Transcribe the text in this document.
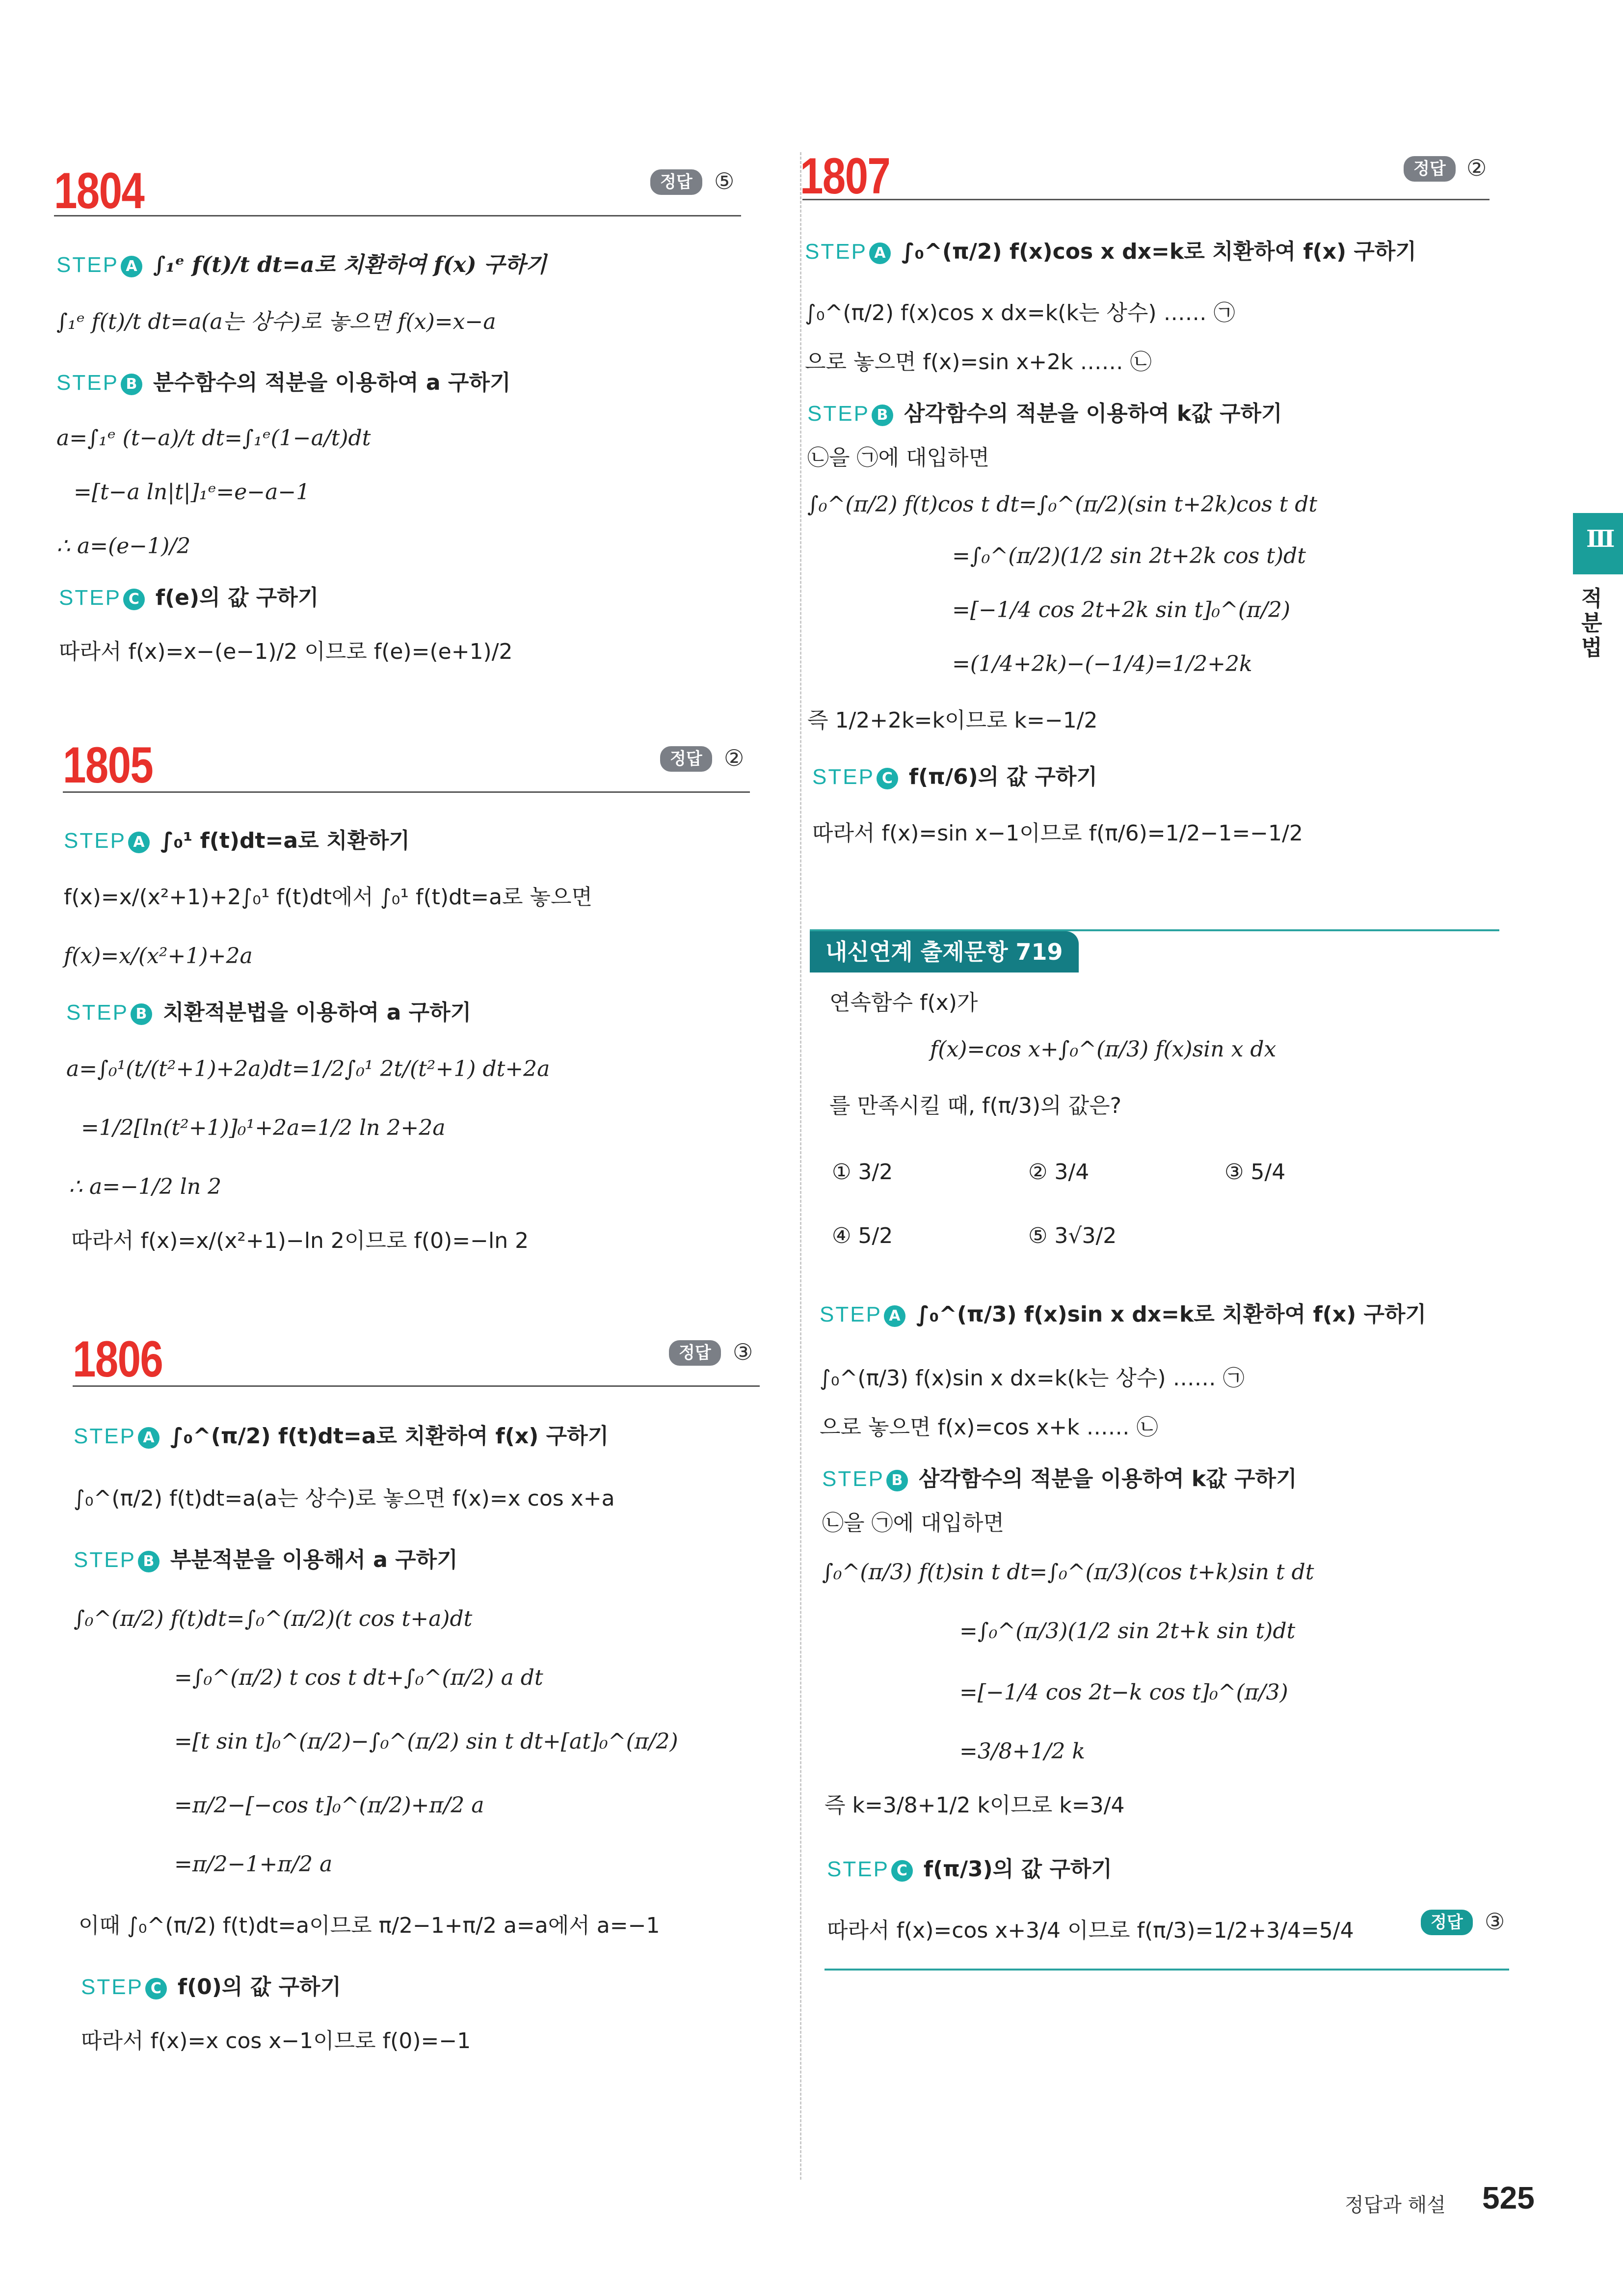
Ⅲ
적분법
1804	정답 ⑤
STEP A ∫₁ᵉ f(t)/t dt=a로 치환하여 f(x) 구하기
∫₁ᵉ f(t)/t dt=a(a는 상수)로 놓으면 f(x)=x−a
STEP B 분수함수의 적분을 이용하여 a 구하기
a=∫₁ᵉ (t−a)/t dt=∫₁ᵉ(1−a/t)dt
=[t−a ln|t|]₁ᵉ=e−a−1
∴ a=(e−1)/2
STEP C f(e)의 값 구하기
따라서 f(x)=x−(e−1)/2 이므로 f(e)=(e+1)/2
1805	정답 ②
STEP A ∫₀¹ f(t)dt=a로 치환하기
f(x)=x/(x²+1)+2∫₀¹ f(t)dt에서 ∫₀¹ f(t)dt=a로 놓으면
f(x)=x/(x²+1)+2a
STEP B 치환적분법을 이용하여 a 구하기
a=∫₀¹(t/(t²+1)+2a)dt=1/2∫₀¹ 2t/(t²+1) dt+2a
=1/2[ln(t²+1)]₀¹+2a=1/2 ln 2+2a
∴ a=−1/2 ln 2
따라서 f(x)=x/(x²+1)−ln 2이므로 f(0)=−ln 2
1806	정답 ③
STEP A ∫₀^(π/2) f(t)dt=a로 치환하여 f(x) 구하기
∫₀^(π/2) f(t)dt=a(a는 상수)로 놓으면 f(x)=x cos x+a
STEP B 부분적분을 이용해서 a 구하기
∫₀^(π/2) f(t)dt=∫₀^(π/2)(t cos t+a)dt
=∫₀^(π/2) t cos t dt+∫₀^(π/2) a dt
=[t sin t]₀^(π/2)−∫₀^(π/2) sin t dt+[at]₀^(π/2)
=π/2−[−cos t]₀^(π/2)+π/2 a
=π/2−1+π/2 a
이때 ∫₀^(π/2) f(t)dt=a이므로 π/2−1+π/2 a=a에서 a=−1
STEP C f(0)의 값 구하기
따라서 f(x)=x cos x−1이므로 f(0)=−1
1807	정답 ②
STEP A ∫₀^(π/2) f(x)cos x dx=k로 치환하여 f(x) 구하기
∫₀^(π/2) f(x)cos x dx=k(k는 상수) …… ㉠
으로 놓으면 f(x)=sin x+2k …… ㉡
STEP B 삼각함수의 적분을 이용하여 k값 구하기
㉡을 ㉠에 대입하면
∫₀^(π/2) f(t)cos t dt=∫₀^(π/2)(sin t+2k)cos t dt
=∫₀^(π/2)(1/2 sin 2t+2k cos t)dt
=[−1/4 cos 2t+2k sin t]₀^(π/2)
=(1/4+2k)−(−1/4)=1/2+2k
즉 1/2+2k=k이므로 k=−1/2
STEP C f(π/6)의 값 구하기
따라서 f(x)=sin x−1이므로 f(π/6)=1/2−1=−1/2
내신연계 출제문항 719
연속함수 f(x)가
f(x)=cos x+∫₀^(π/3) f(x)sin x dx
를 만족시킬 때, f(π/3)의 값은?
① 3/2	② 3/4	③ 5/4
④ 5/2	⑤ 3√3/2
STEP A ∫₀^(π/3) f(x)sin x dx=k로 치환하여 f(x) 구하기
∫₀^(π/3) f(x)sin x dx=k(k는 상수) …… ㉠
으로 놓으면 f(x)=cos x+k …… ㉡
STEP B 삼각함수의 적분을 이용하여 k값 구하기
㉡을 ㉠에 대입하면
∫₀^(π/3) f(t)sin t dt=∫₀^(π/3)(cos t+k)sin t dt
=∫₀^(π/3)(1/2 sin 2t+k sin t)dt
=[−1/4 cos 2t−k cos t]₀^(π/3)
=3/8+1/2 k
즉 k=3/8+1/2 k이므로 k=3/4
STEP C f(π/3)의 값 구하기
따라서 f(x)=cos x+3/4 이므로 f(π/3)=1/2+3/4=5/4	정답 ③
정답과 해설 525
